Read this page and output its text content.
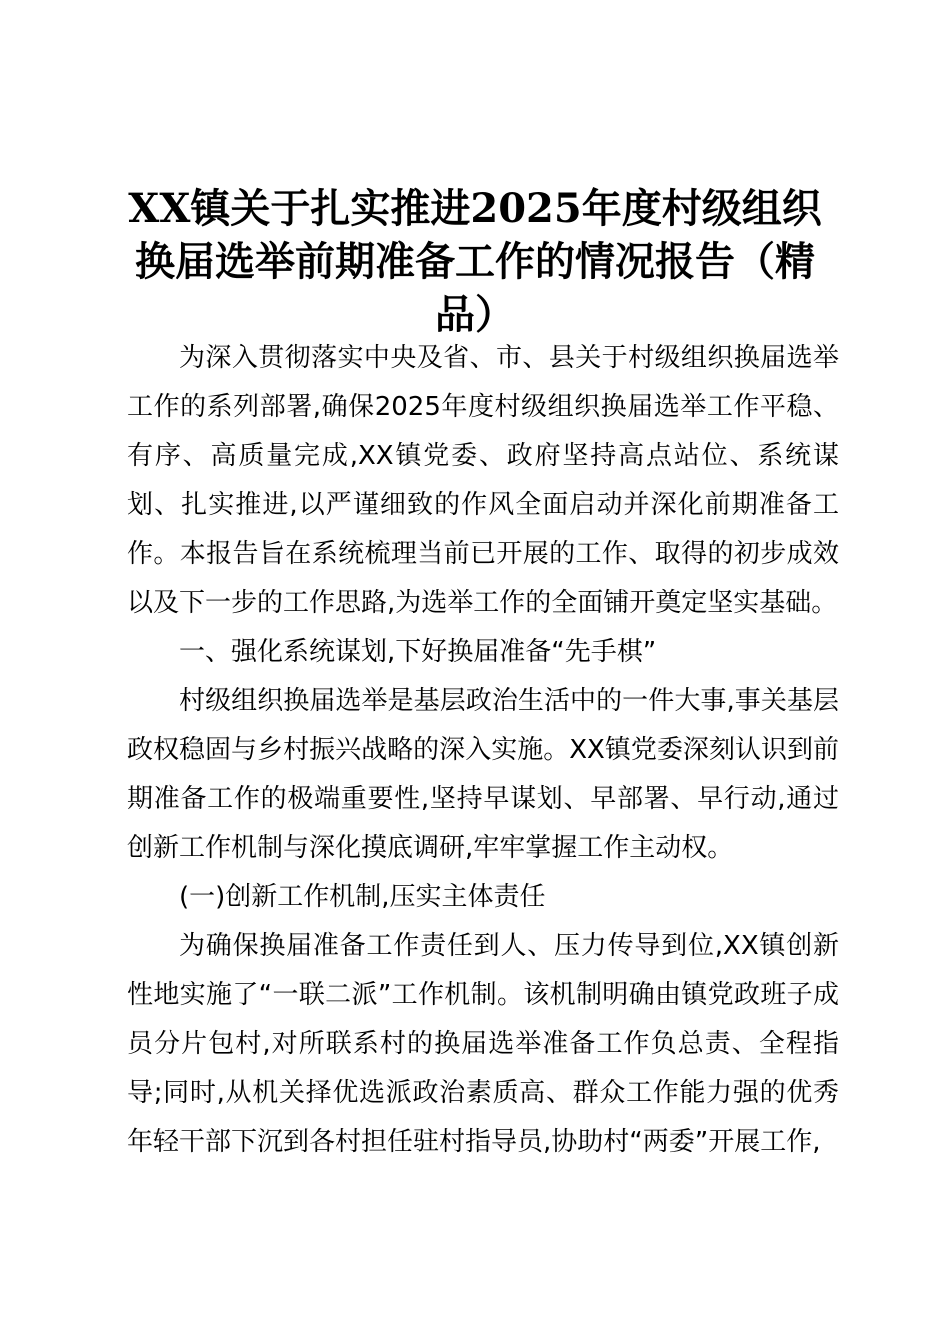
XX镇关于扎实推进2025年度村级组织换届选举前期准备工作的情况报告（精品）

为深入贯彻落实中央及省、市、县关于村级组织换届选举工作的系列部署,确保2025年度村级组织换届选举工作平稳、有序、高质量完成,XX镇党委、政府坚持高点站位、系统谋划、扎实推进,以严谨细致的作风全面启动并深化前期准备工作。本报告旨在系统梳理当前已开展的工作、取得的初步成效以及下一步的工作思路,为选举工作的全面铺开奠定坚实基础。

一、强化系统谋划,下好换届准备“先手棋”

村级组织换届选举是基层政治生活中的一件大事,事关基层政权稳固与乡村振兴战略的深入实施。XX镇党委深刻认识到前期准备工作的极端重要性,坚持早谋划、早部署、早行动,通过创新工作机制与深化摸底调研,牢牢掌握工作主动权。

(一)创新工作机制,压实主体责任

为确保换届准备工作责任到人、压力传导到位,XX镇创新性地实施了“一联二派”工作机制。该机制明确由镇党政班子成员分片包村,对所联系村的换届选举准备工作负总责、全程指导;同时,从机关择优选派政治素质高、群众工作能力强的优秀年轻干部下沉到各村担任驻村指导员,协助村“两委”开展工作,
